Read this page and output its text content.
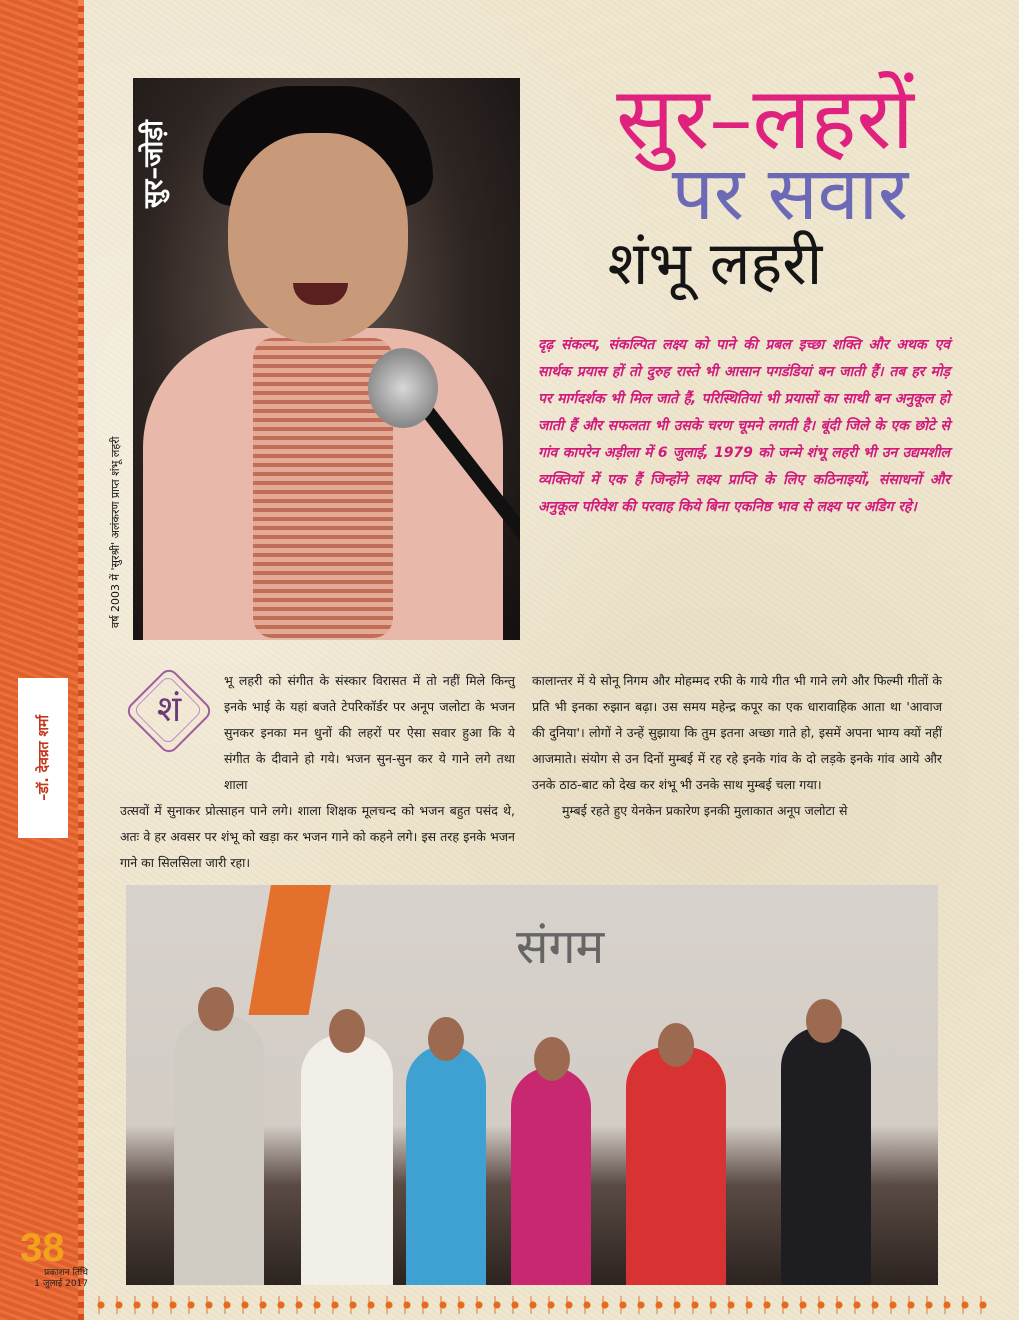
सुर–जोड़ी
वर्ष 2003 में 'सुरश्री' अलंकरण प्राप्त शंभू लहरी
सुर–लहरों
पर सवार
शंभू लहरी
दृढ़ संकल्प, संकल्पित लक्ष्य को पाने की प्रबल इच्छा शक्ति और अथक एवं सार्थक प्रयास हों तो दुरुह रास्ते भी आसान पगडंडियां बन जाती हैं। तब हर मोड़ पर मार्गदर्शक भी मिल जाते हैं, परिस्थितियां भी प्रयासों का साथी बन अनुकूल हो जाती हैं और सफलता भी उसके चरण चूमने लगती है। बूंदी जिले के एक छोटे से गांव कापरेन अड़ीला में 6 जुलाई, 1979 को जन्मे शंभू लहरी भी उन उद्यमशील व्यक्तियों में एक हैं जिन्होंने लक्ष्य प्राप्ति के लिए कठिनाइयों, संसाधनों और अनुकूल परिवेश की परवाह किये बिना एकनिष्ठ भाव से लक्ष्य पर अडिग रहे।
–डॉ. देवव्रत शर्मा
शं

भू लहरी को संगीत के संस्कार विरासत में तो नहीं मिले किन्तु इनके भाई के यहां बजते टेपरिकॉर्डर पर अनूप जलोटा के भजन सुनकर इनका मन धुनों की लहरों पर ऐसा सवार हुआ कि ये संगीत के दीवाने हो गये। भजन सुन-सुन कर ये गाने लगे तथा शाला

उत्सवों में सुनाकर प्रोत्साहन पाने लगे। शाला शिक्षक मूलचन्द को भजन बहुत पसंद थे, अतः वे हर अवसर पर शंभू को खड़ा कर भजन गाने को कहने लगे। इस तरह इनके भजन गाने का सिलसिला जारी रहा।

कालान्तर में ये सोनू निगम और मोहम्मद रफी के गाये गीत भी गाने लगे और फिल्मी गीतों के प्रति भी इनका रुझान बढ़ा। उस समय महेन्द्र कपूर का एक धारावाहिक आता था 'आवाज की दुनिया'। लोगों ने उन्हें सुझाया कि तुम इतना अच्छा गाते हो, इसमें अपना भाग्य क्यों नहीं आजमाते। संयोग से उन दिनों मुम्बई में रह रहे इनके गांव के दो लड़के इनके गांव आये और उनके ठाठ-बाट को देख कर शंभू भी उनके साथ मुम्बई चला गया।

मुम्बई रहते हुए येनकेन प्रकारेण इनकी मुलाकात अनूप जलोटा से

संगम
38
प्रकाशन तिथि
1 जुलाई 2017
